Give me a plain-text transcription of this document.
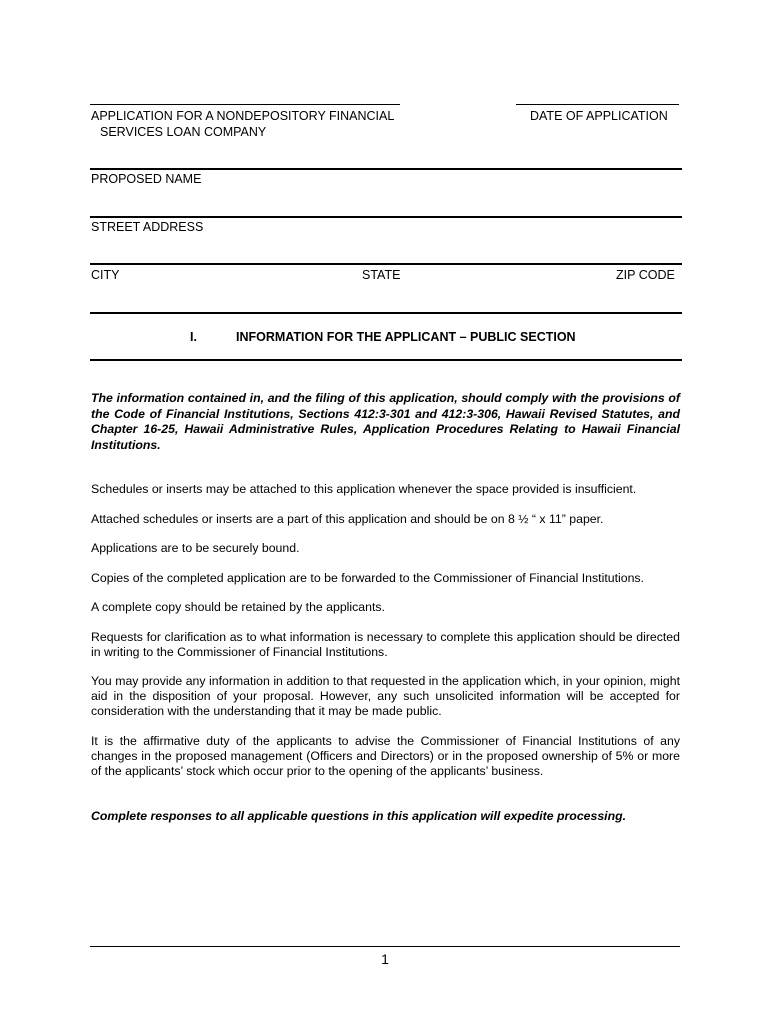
APPLICATION FOR A NONDEPOSITORY FINANCIAL
SERVICES LOAN COMPANY
DATE OF APPLICATION
PROPOSED NAME
STREET ADDRESS
CITY	STATE	ZIP CODE
I.	INFORMATION FOR THE APPLICANT – PUBLIC SECTION
The information contained in, and the filing of this application, should comply with the provisions of the Code of Financial Institutions, Sections 412:3-301 and 412:3-306, Hawaii Revised Statutes, and Chapter 16-25, Hawaii Administrative Rules, Application Procedures Relating to Hawaii Financial Institutions.
Schedules or inserts may be attached to this application whenever the space provided is insufficient.
Attached schedules or inserts are a part of this application and should be on 8 ½ “ x 11” paper.
Applications are to be securely bound.
Copies of the completed application are to be forwarded to the Commissioner of Financial Institutions.
A complete copy should be retained by the applicants.
Requests for clarification as to what information is necessary to complete this application should be directed in writing to the Commissioner of Financial Institutions.
You may provide any information in addition to that requested in the application which, in your opinion, might aid in the disposition of your proposal. However, any such unsolicited information will be accepted for consideration with the understanding that it may be made public.
It is the affirmative duty of the applicants to advise the Commissioner of Financial Institutions of any changes in the proposed management (Officers and Directors) or in the proposed ownership of 5% or more of the applicants’ stock which occur prior to the opening of the applicants’ business.
Complete responses to all applicable questions in this application will expedite processing.
1
